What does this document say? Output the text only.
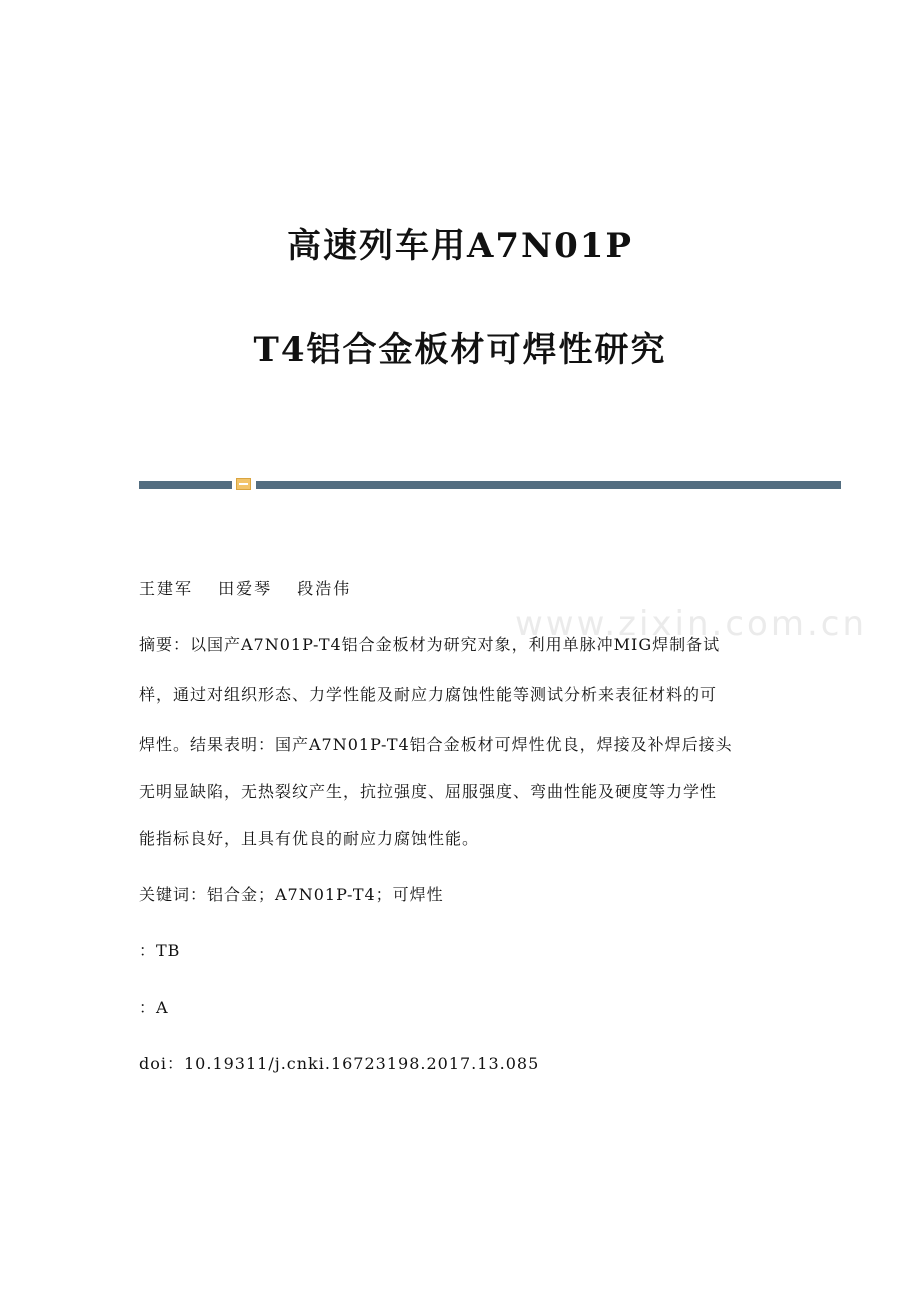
高速列车用A7N01P
T4铝合金板材可焊性研究
www.zixin.com.cn
王建军 田爱琴 段浩伟
摘要：以国产A7N01P-T4铝合金板材为研究对象，利用单脉冲MIG焊制备试
样，通过对组织形态、力学性能及耐应力腐蚀性能等测试分析来表征材料的可
焊性。结果表明：国产A7N01P-T4铝合金板材可焊性优良，焊接及补焊后接头
无明显缺陷，无热裂纹产生，抗拉强度、屈服强度、弯曲性能及硬度等力学性
能指标良好，且具有优良的耐应力腐蚀性能。
关键词：铝合金；A7N01P-T4；可焊性
：TB
：A
doi：10.19311/j.cnki.16723198.2017.13.085
